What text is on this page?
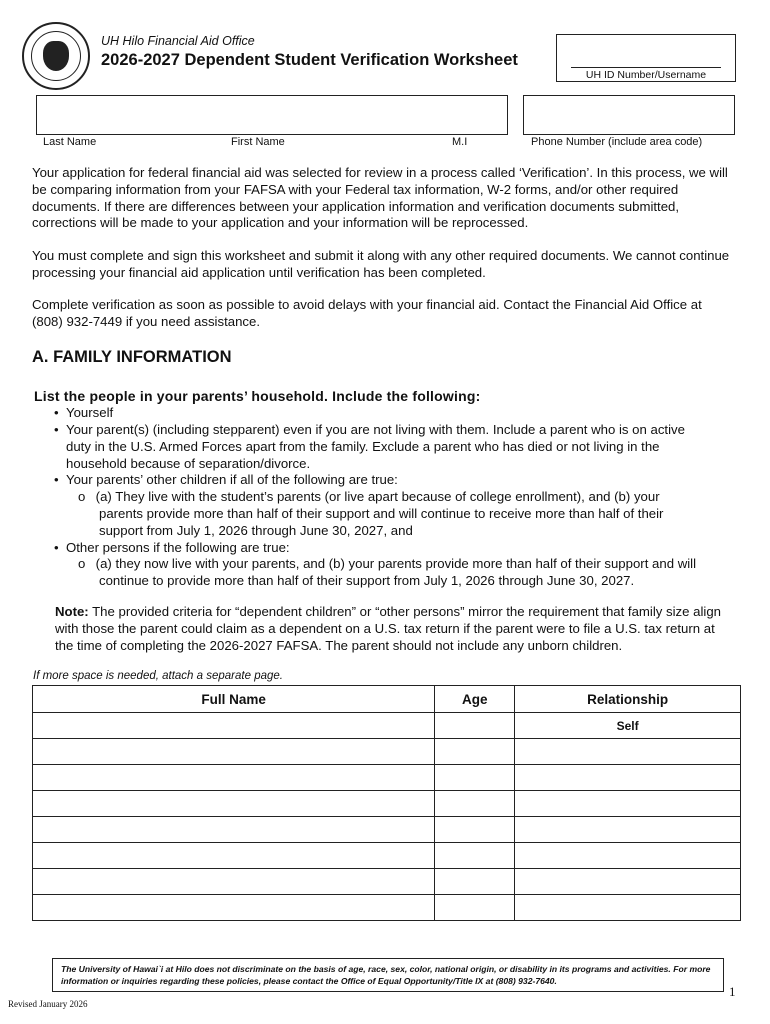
UH Hilo Financial Aid Office
2026-2027 Dependent Student Verification Worksheet
UH ID Number/Username
Last Name	First Name	M.I	Phone Number (include area code)
Your application for federal financial aid was selected for review in a process called ‘Verification’. In this process, we will be comparing information from your FAFSA with your Federal tax information, W-2 forms, and/or other required documents. If there are differences between your application information and verification documents submitted, corrections will be made to your application and your information will be reprocessed.
You must complete and sign this worksheet and submit it along with any other required documents. We cannot continue processing your financial aid application until verification has been completed.
Complete verification as soon as possible to avoid delays with your financial aid. Contact the Financial Aid Office at (808) 932-7449 if you need assistance.
A. FAMILY INFORMATION
List the people in your parents’ household. Include the following:
• Yourself
• Your parent(s) (including stepparent) even if you are not living with them. Include a parent who is on active
duty in the U.S. Armed Forces apart from the family. Exclude a parent who has died or not living in the
household because of separation/divorce.
• Your parents’ other children if all of the following are true:
o (a) They live with the student’s parents (or live apart because of college enrollment), and (b) your
parents provide more than half of their support and will continue to receive more than half of their
support from July 1, 2026 through June 30, 2027, and
• Other persons if the following are true:
o (a) they now live with your parents, and (b) your parents provide more than half of their support and will
continue to provide more than half of their support from July 1, 2026 through June 30, 2027.
Note: The provided criteria for “dependent children” or “other persons” mirror the requirement that family size align with those the parent could claim as a dependent on a U.S. tax return if the parent were to file a U.S. tax return at the time of completing the 2026-2027 FAFSA. The parent should not include any unborn children.
If more space is needed, attach a separate page.
Full Name	Age	Relationship
		Self

The University of Hawai`i at Hilo does not discriminate on the basis of age, race, sex, color, national origin, or disability in its programs and activities. For more information or inquiries regarding these policies, please contact the Office of Equal Opportunity/Title IX at (808) 932-7640.
1
Revised January 2026
